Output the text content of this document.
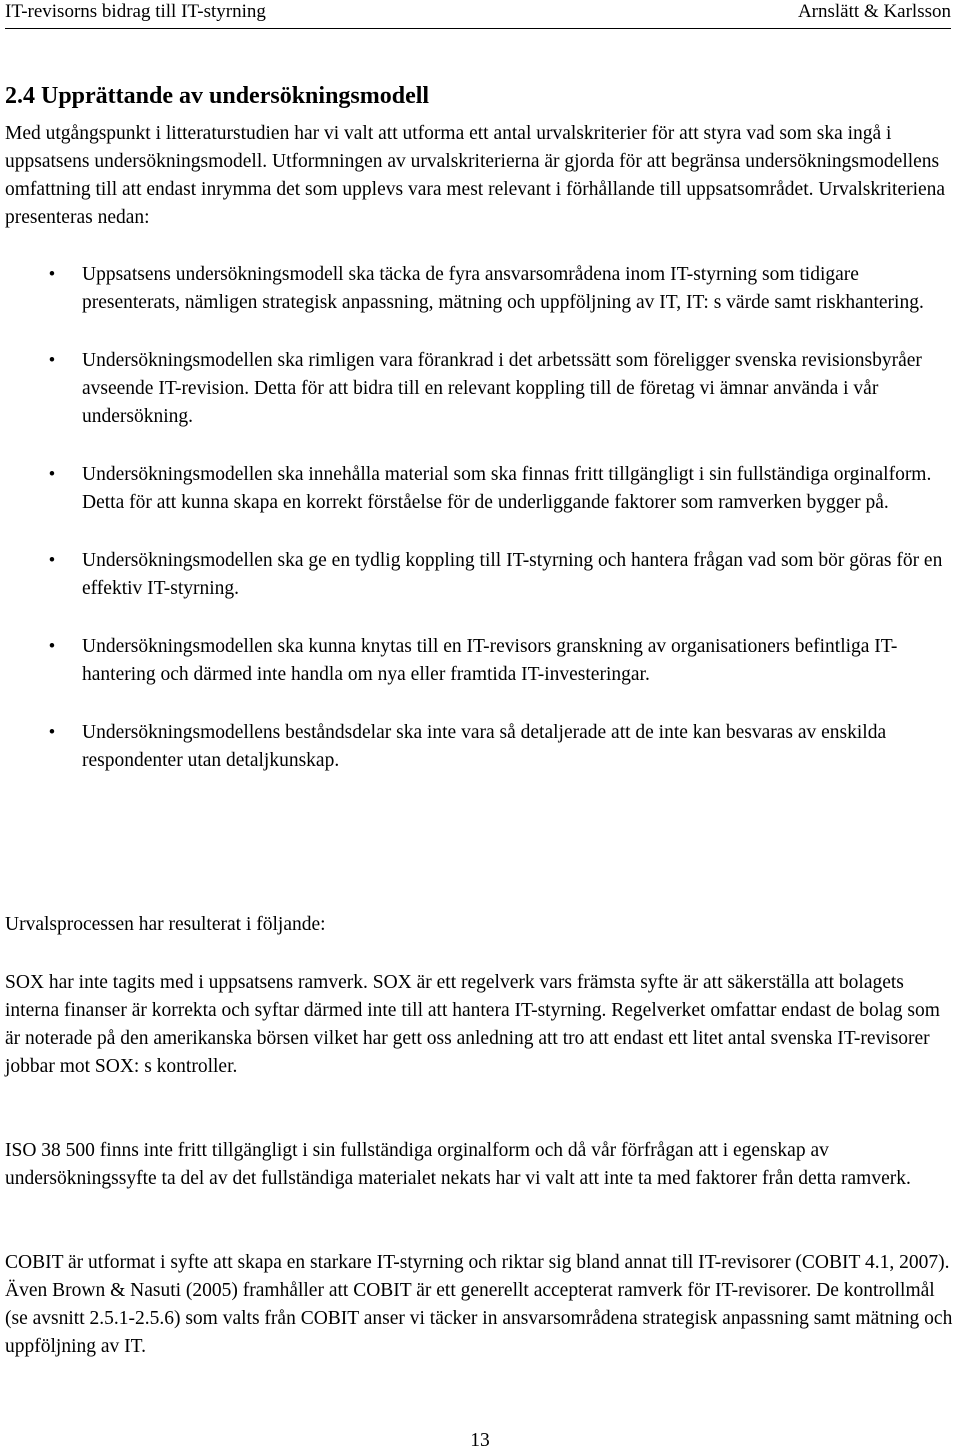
IT-revisorns bidrag till IT-styrning	Arnslätt & Karlsson
2.4 Upprättande av undersökningsmodell

Med utgångspunkt i litteraturstudien har vi valt att utforma ett antal urvalskriterier för att styra vad som ska ingå i uppsatsens undersökningsmodell. Utformningen av urvalskriterierna är gjorda för att begränsa undersökningsmodellens omfattning till att endast inrymma det som upplevs vara mest relevant i förhållande till uppsatsområdet. Urvalskriteriena presenteras nedan:

•	Uppsatsens undersökningsmodell ska täcka de fyra ansvarsområdena inom IT-styrning som tidigare presenterats, nämligen strategisk anpassning, mätning och uppföljning av IT, IT: s värde samt riskhantering.
•	Undersökningsmodellen ska rimligen vara förankrad i det arbetssätt som föreligger svenska revisionsbyråer avseende IT-revision. Detta för att bidra till en relevant koppling till de företag vi ämnar använda i vår undersökning.
•	Undersökningsmodellen ska innehålla material som ska finnas fritt tillgängligt i sin fullständiga orginalform. Detta för att kunna skapa en korrekt förståelse för de underliggande faktorer som ramverken bygger på.
•	Undersökningsmodellen ska ge en tydlig koppling till IT-styrning och hantera frågan vad som bör göras för en effektiv IT-styrning.
•	Undersökningsmodellen ska kunna knytas till en IT-revisors granskning av organisationers befintliga IT-hantering och därmed inte handla om nya eller framtida IT-investeringar.
•	Undersökningsmodellens beståndsdelar ska inte vara så detaljerade att de inte kan besvaras av enskilda respondenter utan detaljkunskap.

Urvalsprocessen har resulterat i följande:

SOX har inte tagits med i uppsatsens ramverk. SOX är ett regelverk vars främsta syfte är att säkerställa att bolagets interna finanser är korrekta och syftar därmed inte till att hantera IT-styrning. Regelverket omfattar endast de bolag som är noterade på den amerikanska börsen vilket har gett oss anledning att tro att endast ett litet antal svenska IT-revisorer jobbar mot SOX: s kontroller.

ISO 38 500 finns inte fritt tillgängligt i sin fullständiga orginalform och då vår förfrågan att i egenskap av undersökningssyfte ta del av det fullständiga materialet nekats har vi valt att inte ta med faktorer från detta ramverk.

COBIT är utformat i syfte att skapa en starkare IT-styrning och riktar sig bland annat till IT-revisorer (COBIT 4.1, 2007). Även Brown & Nasuti (2005) framhåller att COBIT är ett generellt accepterat ramverk för IT-revisorer. De kontrollmål (se avsnitt 2.5.1-2.5.6) som valts från COBIT anser vi täcker in ansvarsområdena strategisk anpassning samt mätning och uppföljning av IT.

13
